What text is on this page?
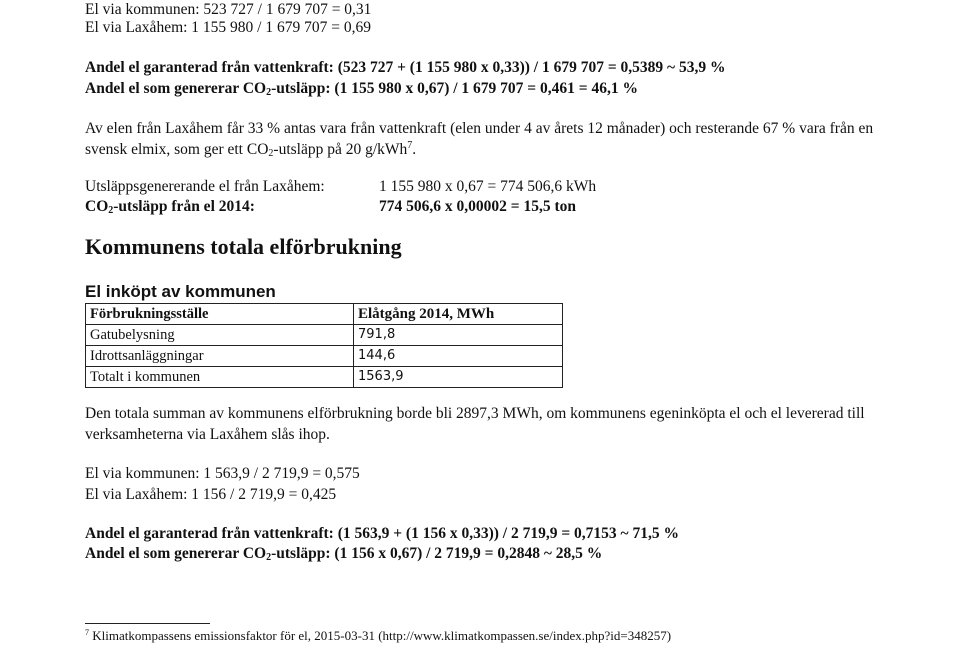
El via kommunen: 523 727 / 1 679 707 = 0,31
El via Laxåhem: 1 155 980 / 1 679 707 = 0,69
Andel el garanterad från vattenkraft: (523 727 + (1 155 980 x 0,33)) / 1 679 707 = 0,5389 ~ 53,9 %
Andel el som genererar $CO_2$-utsläpp: (1 155 980 x 0,67) / 1 679 707 = 0,461 = 46,1 %
Av elen från Laxåhem får 33 % antas vara från vattenkraft (elen under 4 av årets 12 månader) och resterande 67 % vara från en
svensk elmix, som ger ett $CO_2$-utsläpp på 20 g/kWh$^7$.
Utsläppsgenererande el från Laxåhem:	1 155 980 x 0,67 = 774 506,6 kWh
$CO_2$-utsläpp från el 2014:	774 506,6 x 0,00002 = 15,5 ton
Kommunens totala elförbrukning
El inköpt av kommunen
Förbrukningsställe	Elåtgång 2014, MWh
Gatubelysning	791,8
Idrottsanläggningar	144,6
Totalt i kommunen	1563,9
Den totala summan av kommunens elförbrukning borde bli 2897,3 MWh, om kommunens egeninköpta el och el levererad till
verksamheterna via Laxåhem slås ihop.
El via kommunen: 1 563,9 / 2 719,9 = 0,575
El via Laxåhem: 1 156 / 2 719,9 = 0,425
Andel el garanterad från vattenkraft: (1 563,9 + (1 156 x 0,33)) / 2 719,9 = 0,7153 ~ 71,5 %
Andel el som genererar $CO_2$-utsläpp: (1 156 x 0,67) / 2 719,9 = 0,2848 ~ 28,5 %
$^7$ Klimatkompassens emissionsfaktor för el, 2015-03-31 (http://www.klimatkompassen.se/index.php?id=348257)
